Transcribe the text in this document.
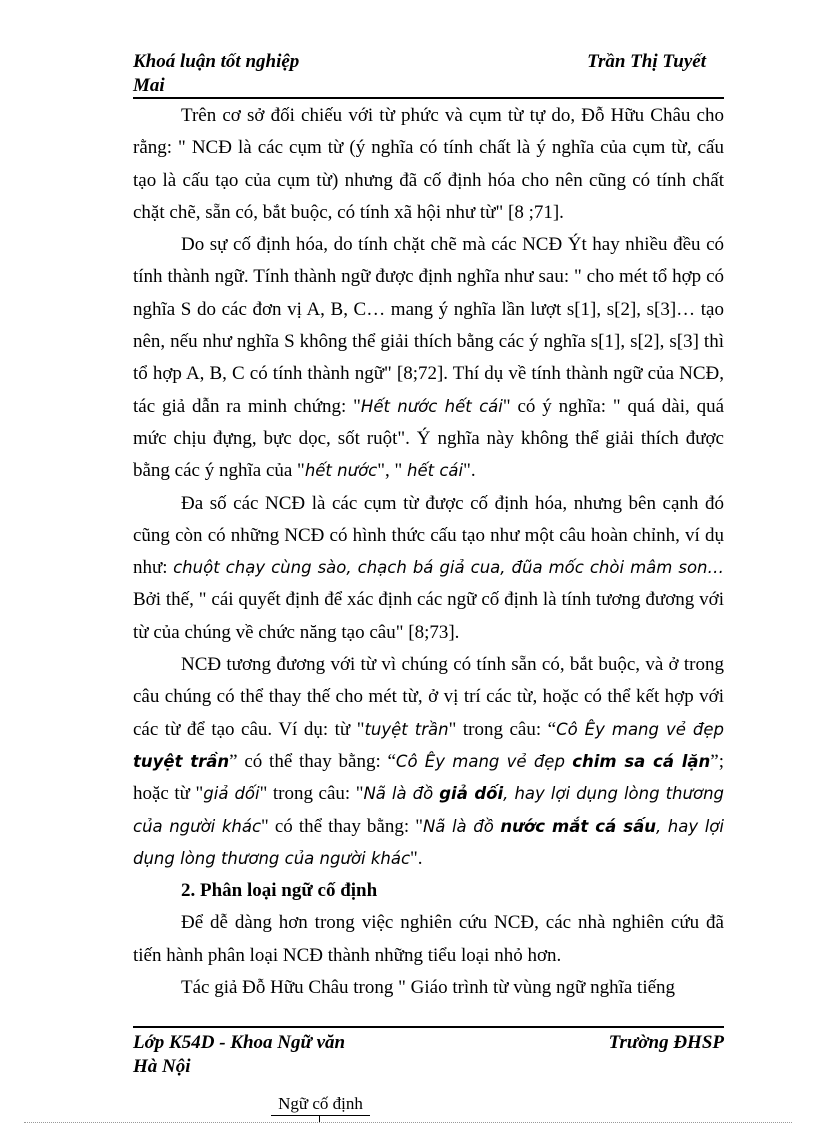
Khoá luận tốt nghiệp	Trần Thị Tuyết
Mai

Trên cơ sở đối chiếu với từ phức và cụm từ tự do, Đỗ Hữu Châu cho rằng: " NCĐ là các cụm từ (ý nghĩa có tính chất là ý nghĩa của cụm từ, cấu tạo là cấu tạo của cụm từ) nhưng đã cố định hóa cho nên cũng có tính chất chặt chẽ, sẵn có, bắt buộc, có tính xã hội như từ" [8 ;71].

Do sự cố định hóa, do tính chặt chẽ mà các NCĐ Ýt hay nhiều đều có tính thành ngữ. Tính thành ngữ được định nghĩa như sau: " cho mét tổ hợp có nghĩa S do các đơn vị A, B, C… mang ý nghĩa lần lượt s[1], s[2], s[3]… tạo nên, nếu như nghĩa S không thể giải thích bằng các ý nghĩa s[1], s[2], s[3] thì tổ hợp A, B, C có tính thành ngữ" [8;72]. Thí dụ về tính thành ngữ của NCĐ, tác giả dẫn ra minh chứng: "Hết nước hết cái" có ý nghĩa: " quá dài, quá mức chịu đựng, bực dọc, sốt ruột". Ý nghĩa này không thể giải thích được bằng các ý nghĩa của "hết nước", " hết cái".

Đa số các NCĐ là các cụm từ được cố định hóa, nhưng bên cạnh đó cũng còn có những NCĐ có hình thức cấu tạo như một câu hoàn chỉnh, ví dụ như: chuột chạy cùng sào, chạch bá giả cua, đũa mốc chòi mâm son… Bởi thế, " cái quyết định để xác định các ngữ cố định là tính tương đương với từ của chúng về chức năng tạo câu" [8;73].

NCĐ tương đương với từ vì chúng có tính sẵn có, bắt buộc, và ở trong câu chúng có thể thay thế cho mét từ, ở vị trí các từ, hoặc có thể kết hợp với các từ để tạo câu. Ví dụ: từ "tuyệt trần" trong câu: “Cô Êy mang vẻ đẹp tuyệt trần” có thể thay bằng: “Cô Êy mang vẻ đẹp chim sa cá lặn”; hoặc từ "giả dối" trong câu: "Nã là đồ giả dối, hay lợi dụng lòng thương của người khác" có thể thay bằng: "Nã là đồ nước mắt cá sấu, hay lợi dụng lòng thương của người khác".

2. Phân loại ngữ cố định

Để dễ dàng hơn trong việc nghiên cứu NCĐ, các nhà nghiên cứu đã tiến hành phân loại NCĐ thành những tiểu loại nhỏ hơn.

Tác giả Đỗ Hữu Châu trong " Giáo trình từ vùng ngữ nghĩa tiếng

Lớp K54D - Khoa Ngữ văn	Trường ĐHSP
Hà Nội
Ngữ cố định
